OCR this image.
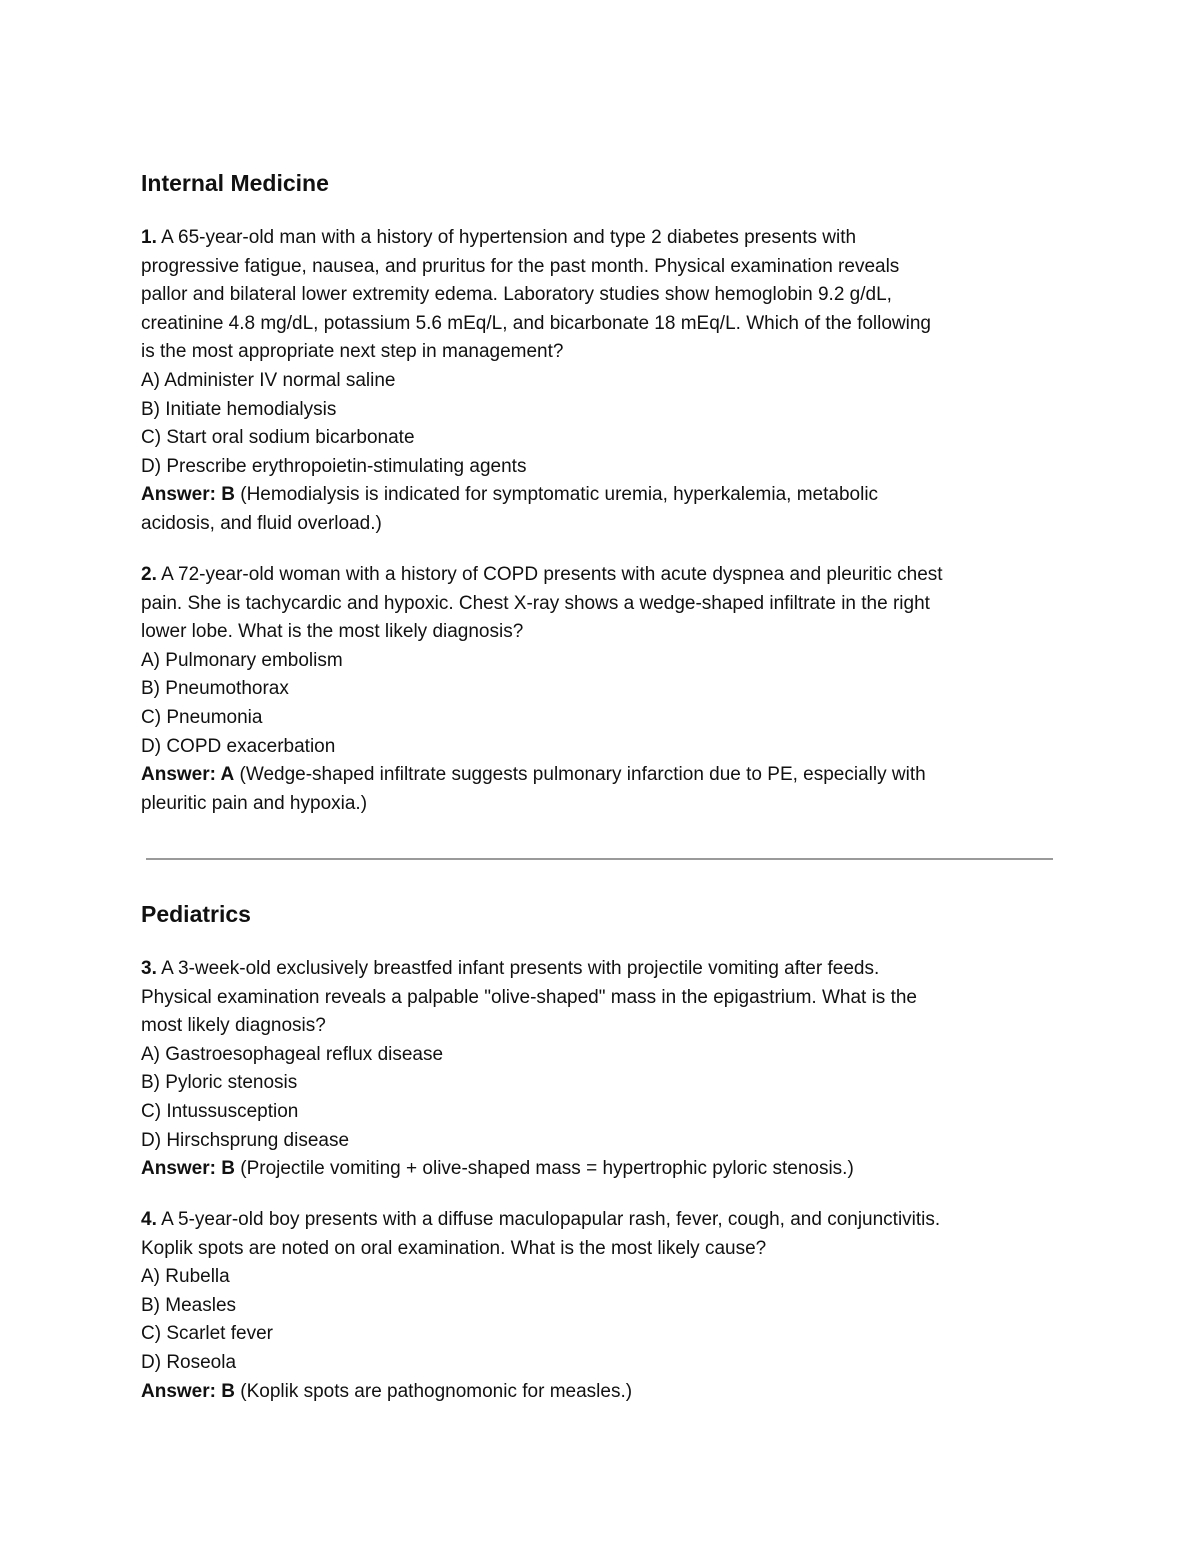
Internal Medicine

1. A 65-year-old man with a history of hypertension and type 2 diabetes presents with

progressive fatigue, nausea, and pruritus for the past month. Physical examination reveals

pallor and bilateral lower extremity edema. Laboratory studies show hemoglobin 9.2 g/dL,

creatinine 4.8 mg/dL, potassium 5.6 mEq/L, and bicarbonate 18 mEq/L. Which of the following

is the most appropriate next step in management?

A) Administer IV normal saline

B) Initiate hemodialysis

C) Start oral sodium bicarbonate

D) Prescribe erythropoietin-stimulating agents

Answer: B (Hemodialysis is indicated for symptomatic uremia, hyperkalemia, metabolic

acidosis, and fluid overload.)

2. A 72-year-old woman with a history of COPD presents with acute dyspnea and pleuritic chest

pain. She is tachycardic and hypoxic. Chest X-ray shows a wedge-shaped infiltrate in the right

lower lobe. What is the most likely diagnosis?

A) Pulmonary embolism

B) Pneumothorax

C) Pneumonia

D) COPD exacerbation

Answer: A (Wedge-shaped infiltrate suggests pulmonary infarction due to PE, especially with

pleuritic pain and hypoxia.)

Pediatrics

3. A 3-week-old exclusively breastfed infant presents with projectile vomiting after feeds.

Physical examination reveals a palpable "olive-shaped" mass in the epigastrium. What is the

most likely diagnosis?

A) Gastroesophageal reflux disease

B) Pyloric stenosis

C) Intussusception

D) Hirschsprung disease

Answer: B (Projectile vomiting + olive-shaped mass = hypertrophic pyloric stenosis.)

4. A 5-year-old boy presents with a diffuse maculopapular rash, fever, cough, and conjunctivitis.

Koplik spots are noted on oral examination. What is the most likely cause?

A) Rubella

B) Measles

C) Scarlet fever

D) Roseola

Answer: B (Koplik spots are pathognomonic for measles.)
